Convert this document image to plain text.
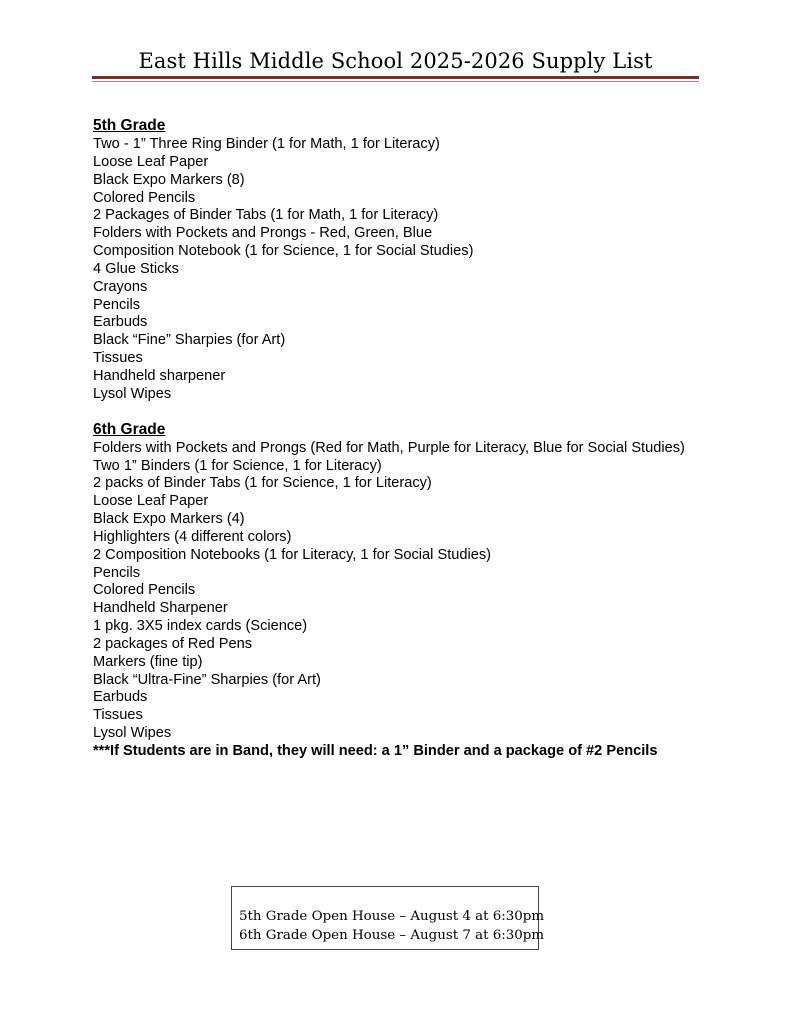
East Hills Middle School 2025-2026 Supply List
5th Grade
Two - 1” Three Ring Binder (1 for Math, 1 for Literacy)
Loose Leaf Paper
Black Expo Markers (8)
Colored Pencils
2 Packages of Binder Tabs (1 for Math, 1 for Literacy)
Folders with Pockets and Prongs - Red, Green, Blue
Composition Notebook (1 for Science, 1 for Social Studies)
4 Glue Sticks
Crayons
Pencils
Earbuds
Black “Fine” Sharpies (for Art)
Tissues
Handheld sharpener
Lysol Wipes
6th Grade
Folders with Pockets and Prongs (Red for Math, Purple for Literacy, Blue for Social Studies)
Two 1” Binders (1 for Science, 1 for Literacy)
2 packs of Binder Tabs (1 for Science, 1 for Literacy)
Loose Leaf Paper
Black Expo Markers (4)
Highlighters (4 different colors)
2 Composition Notebooks (1 for Literacy, 1 for Social Studies)
Pencils
Colored Pencils
Handheld Sharpener
1 pkg. 3X5 index cards (Science)
2 packages of Red Pens
Markers (fine tip)
Black “Ultra-Fine” Sharpies (for Art)
Earbuds
Tissues
Lysol Wipes
***If Students are in Band, they will need: a 1” Binder and a package of #2 Pencils
5th Grade Open House – August 4 at 6:30pm
6th Grade Open House – August 7 at 6:30pm
